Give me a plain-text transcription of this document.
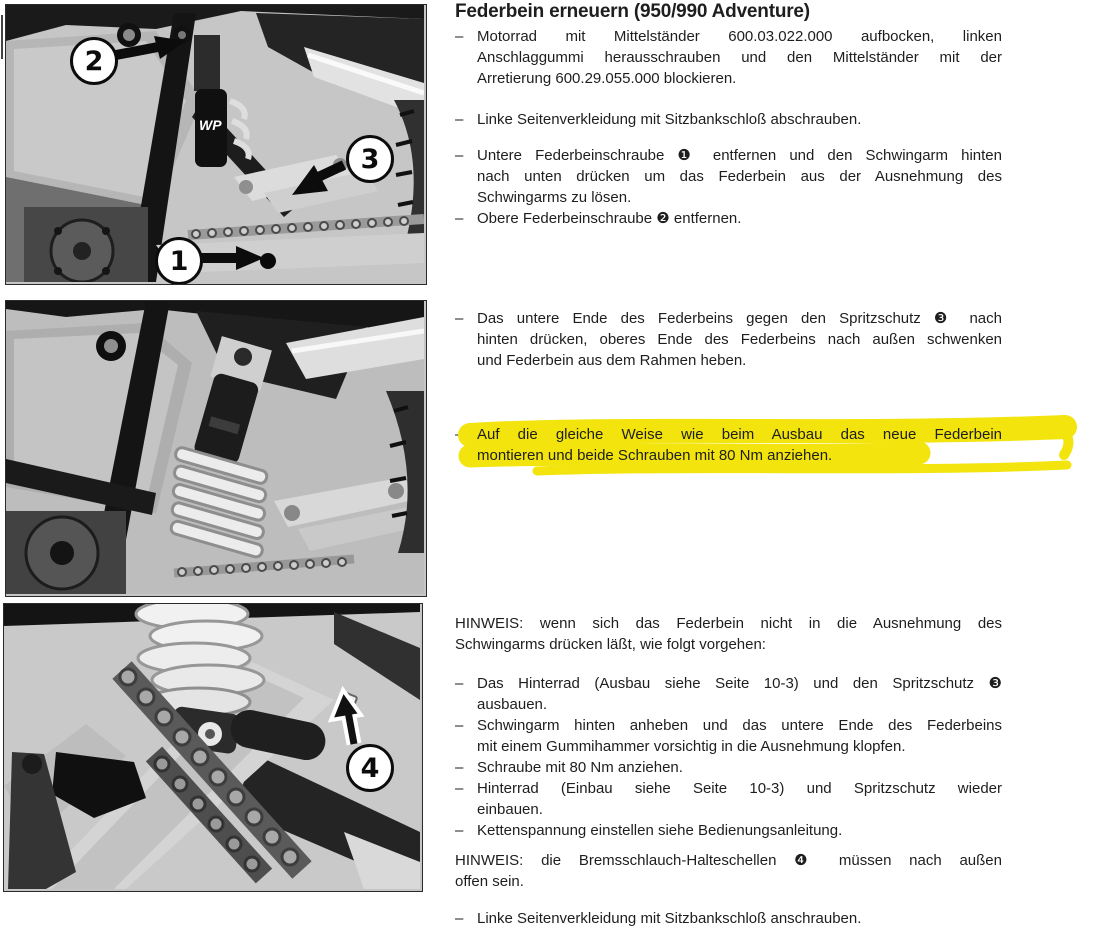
WP
2
3
1
4
Federbein erneuern (950/990 Adventure)
– Motorrad mit Mittelständer 600.03.022.000 aufbocken, linken
Anschlaggummi herausschrauben und den Mittelständer mit der
Arretierung 600.29.055.000 blockieren.
– Linke Seitenverkleidung mit Sitzbankschloß abschrauben.
– Untere Federbeinschraube ❶ entfernen und den Schwingarm hinten
nach unten drücken um das Federbein aus der Ausnehmung des
Schwingarms zu lösen.
– Obere Federbeinschraube ❷ entfernen.
– Das untere Ende des Federbeins gegen den Spritzschutz ❸ nach
hinten drücken, oberes Ende des Federbeins nach außen schwenken
und Federbein aus dem Rahmen heben.
– Auf die gleiche Weise wie beim Ausbau das neue Federbein
montieren und beide Schrauben mit 80 Nm anziehen.
HINWEIS: wenn sich das Federbein nicht in die Ausnehmung des
Schwingarms drücken läßt, wie folgt vorgehen:
– Das Hinterrad (Ausbau siehe Seite 10-3) und den Spritzschutz ❸
ausbauen.
– Schwingarm hinten anheben und das untere Ende des Federbeins
mit einem Gummihammer vorsichtig in die Ausnehmung klopfen.
– Schraube mit 80 Nm anziehen.
– Hinterrad (Einbau siehe Seite 10-3) und Spritzschutz wieder
einbauen.
– Kettenspannung einstellen siehe Bedienungsanleitung.
HINWEIS: die Bremsschlauch-Halteschellen ❹ müssen nach außen
offen sein.
– Linke Seitenverkleidung mit Sitzbankschloß anschrauben.
